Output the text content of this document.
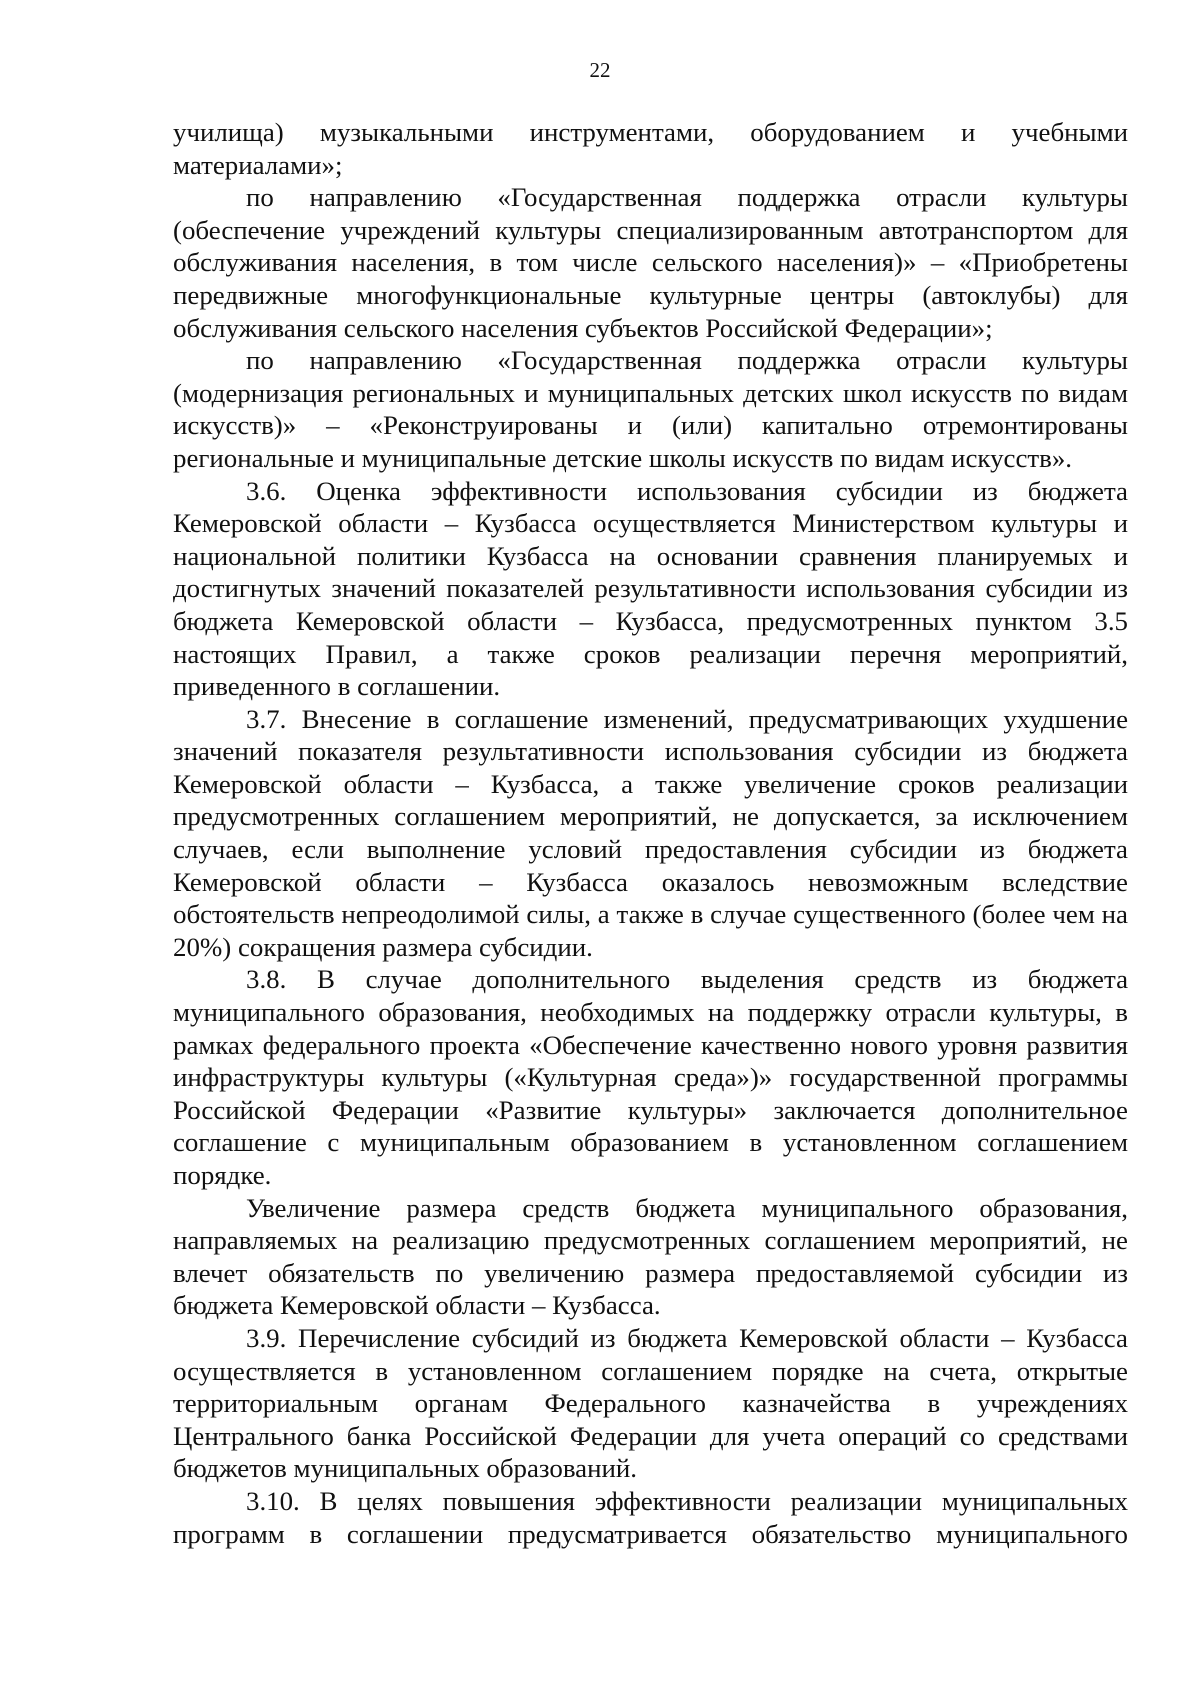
22

училища) музыкальными инструментами, оборудованием и учебными материалами»;

по направлению «Государственная поддержка отрасли культуры (обеспечение учреждений культуры специализированным автотранспортом для обслуживания населения, в том числе сельского населения)» – «Приобретены передвижные многофункциональные культурные центры (автоклубы) для обслуживания сельского населения субъектов Российской Федерации»;

по направлению «Государственная поддержка отрасли культуры (модернизация региональных и муниципальных детских школ искусств по видам искусств)» – «Реконструированы и (или) капитально отремонтированы региональные и муниципальные детские школы искусств по видам искусств».

3.6. Оценка эффективности использования субсидии из бюджета Кемеровской области – Кузбасса осуществляется Министерством культуры и национальной политики Кузбасса на основании сравнения планируемых и достигнутых значений показателей результативности использования субсидии из бюджета Кемеровской области – Кузбасса, предусмотренных пунктом 3.5 настоящих Правил, а также сроков реализации перечня мероприятий, приведенного в соглашении.

3.7. Внесение в соглашение изменений, предусматривающих ухудшение значений показателя результативности использования субсидии из бюджета Кемеровской области – Кузбасса, а также увеличение сроков реализации предусмотренных соглашением мероприятий, не допускается, за исключением случаев, если выполнение условий предоставления субсидии из бюджета Кемеровской области – Кузбасса оказалось невозможным вследствие обстоятельств непреодолимой силы, а также в случае существенного (более чем на 20%) сокращения размера субсидии.

3.8. В случае дополнительного выделения средств из бюджета муниципального образования, необходимых на поддержку отрасли культуры, в рамках федерального проекта «Обеспечение качественно нового уровня развития инфраструктуры культуры («Культурная среда»)» государственной программы Российской Федерации «Развитие культуры» заключается дополнительное соглашение с муниципальным образованием в установленном соглашением порядке.

Увеличение размера средств бюджета муниципального образования, направляемых на реализацию предусмотренных соглашением мероприятий, не влечет обязательств по увеличению размера предоставляемой субсидии из бюджета Кемеровской области – Кузбасса.

3.9. Перечисление субсидий из бюджета Кемеровской области – Кузбасса осуществляется в установленном соглашением порядке на счета, открытые территориальным органам Федерального казначейства в учреждениях Центрального банка Российской Федерации для учета операций со средствами бюджетов муниципальных образований.

3.10. В целях повышения эффективности реализации муниципальных программ в соглашении предусматривается обязательство муниципального
